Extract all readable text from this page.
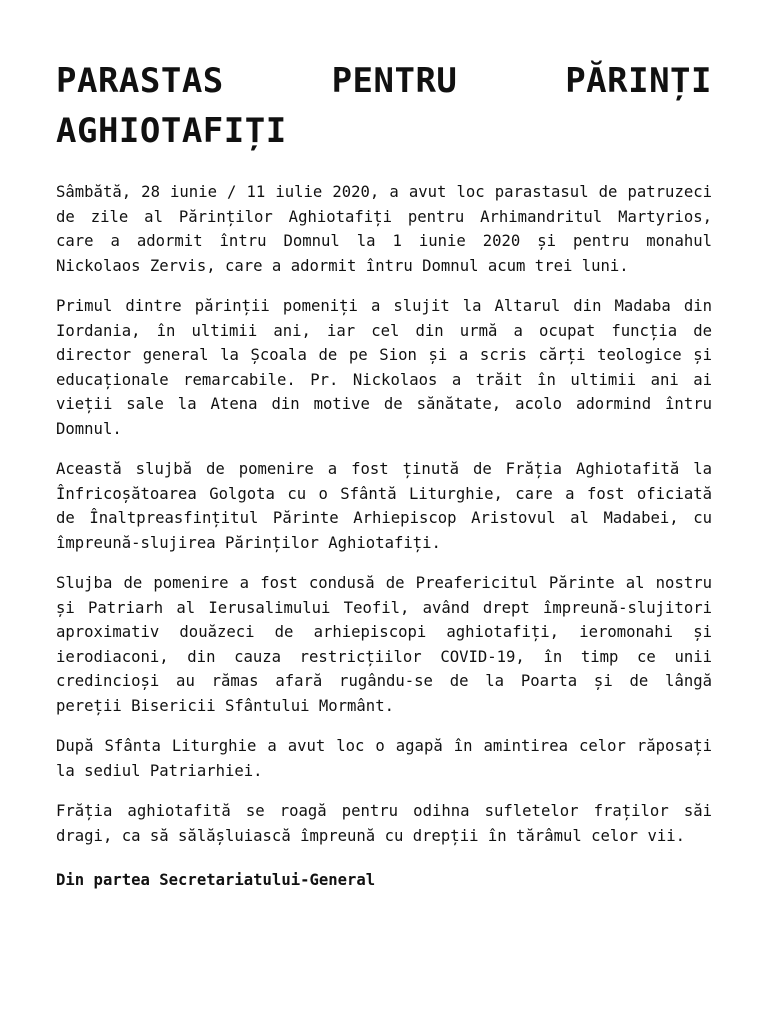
PARASTAS PENTRU PĂRINȚI AGHIOTAFIȚI

Sâmbătă, 28 iunie / 11 iulie 2020, a avut loc parastasul de patruzeci de zile al Părinților Aghiotafiți pentru Arhimandritul Martyrios, care a adormit întru Domnul la 1 iunie 2020 și pentru monahul Nickolaos Zervis, care a adormit întru Domnul acum trei luni.

Primul dintre părinții pomeniți a slujit la Altarul din Madaba din Iordania, în ultimii ani, iar cel din urmă a ocupat funcția de director general la Școala de pe Sion și a scris cărți teologice și educaționale remarcabile. Pr. Nickolaos a trăit în ultimii ani ai vieții sale la Atena din motive de sănătate, acolo adormind întru Domnul.

Această slujbă de pomenire a fost ținută de Frăția Aghiotafită la Înfricoșătoarea Golgota cu o Sfântă Liturghie, care a fost oficiată de Înaltpreasfințitul Părinte Arhiepiscop Aristovul al Madabei, cu împreună-slujirea Părinților Aghiotafiți.

Slujba de pomenire a fost condusă de Preafericitul Părinte al nostru și Patriarh al Ierusalimului Teofil, având drept împreună-slujitori aproximativ douăzeci de arhiepiscopi aghiotafiți, ieromonahi și ierodiaconi, din cauza restricțiilor COVID-19, în timp ce unii credincioși au rămas afară rugându-se de la Poarta și de lângă pereții Bisericii Sfântului Mormânt.

După Sfânta Liturghie a avut loc o agapă în amintirea celor răposați la sediul Patriarhiei.

Frăția aghiotafită se roagă pentru odihna sufletelor fraților săi dragi, ca să sălășluiască împreună cu drepții în tărâmul celor vii.

Din partea Secretariatului-General
